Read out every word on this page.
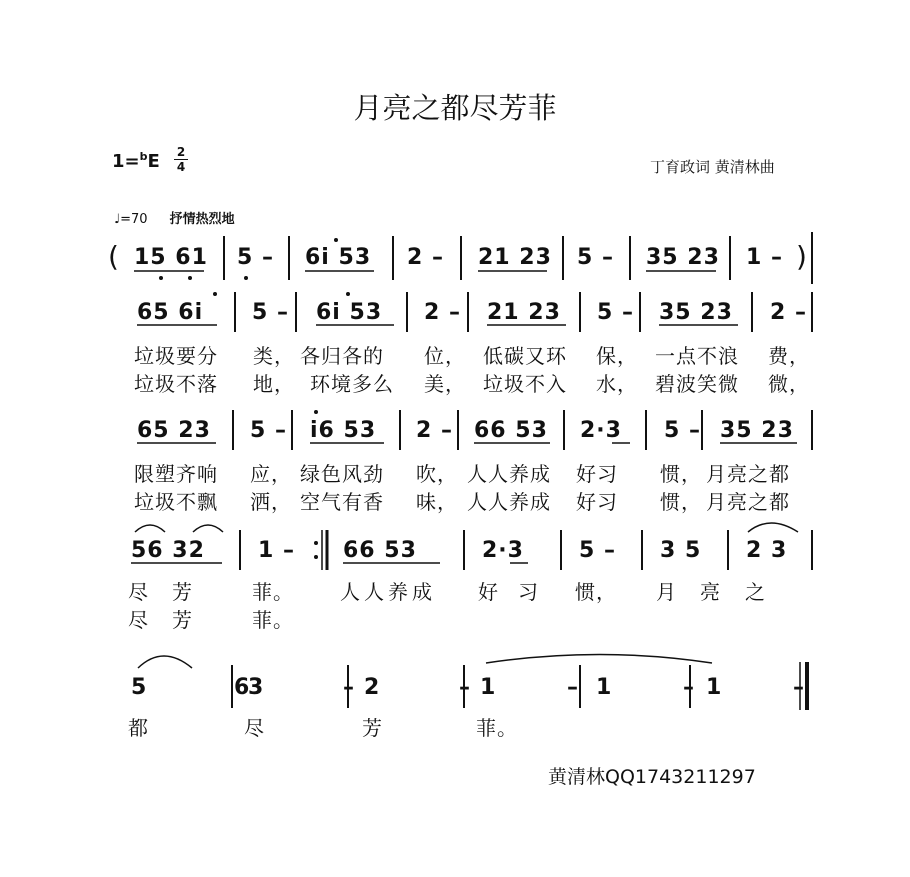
月亮之都尽芳菲
1=$^b$E 2
4	丁育政词 黄清林曲
♩=70 抒情热烈地
( 15 61 5 – 6i 53 2 – 21 23 5 – 35 23 1 – )
65 6i 5 – 6i 53 2 – 21 23 5 – 35 23 2 –
垃圾要分 类， 各归各的 位， 低碳又环 保， 一点不浪 费，
垃圾不落 地， 环境多么 美， 垃圾不入 水， 碧波笑微 微，
65 23 5 – i6 53 2 – 66 53 2·3 5 – 35 23
限塑齐响 应， 绿色风劲 吹， 人人养成 好习 惯， 月亮之都
垃圾不飘 洒， 空气有香 味， 人人养成 好习 惯， 月亮之都
56 32 1 – 66 53	2·3	5 – 3 5 2 3
尽芳 菲。 人人养成 好习 惯， 月亮 之
尽芳 菲。
5 6
3 –
2 –
1 –
1 –
1 –
都	尽	芳	菲。
黄清林QQ1743211297
